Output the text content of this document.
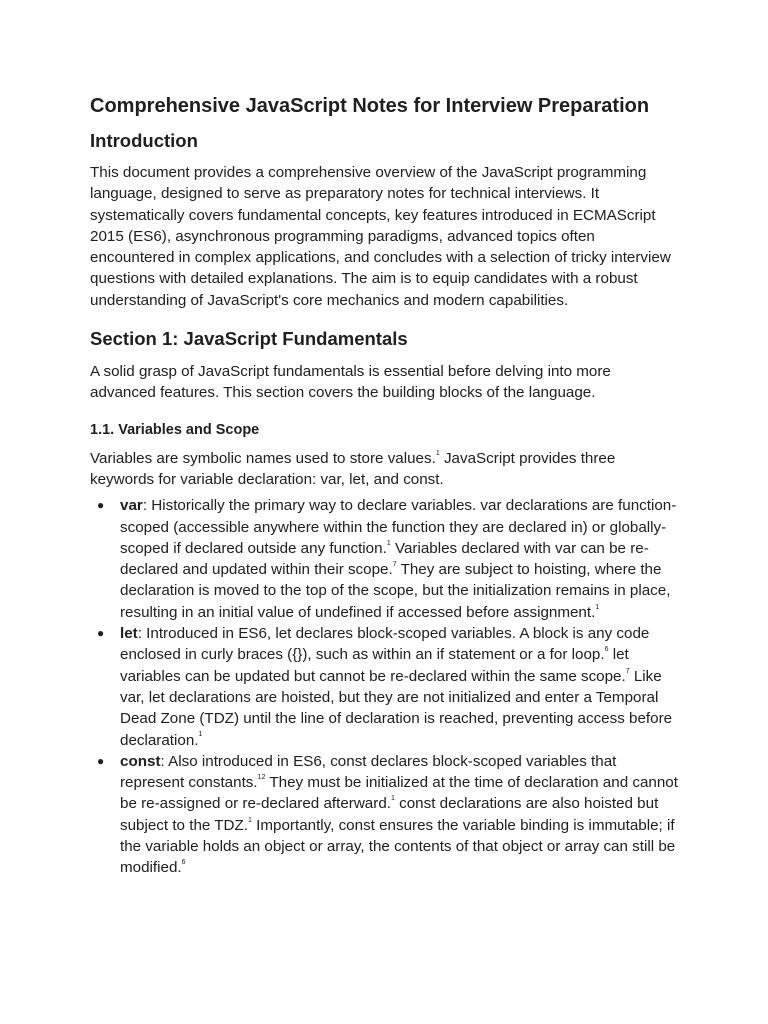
Comprehensive JavaScript Notes for Interview Preparation
Introduction

This document provides a comprehensive overview of the JavaScript programming language, designed to serve as preparatory notes for technical interviews. It systematically covers fundamental concepts, key features introduced in ECMAScript 2015 (ES6), asynchronous programming paradigms, advanced topics often encountered in complex applications, and concludes with a selection of tricky interview questions with detailed explanations. The aim is to equip candidates with a robust understanding of JavaScript's core mechanics and modern capabilities.

Section 1: JavaScript Fundamentals

A solid grasp of JavaScript fundamentals is essential before delving into more advanced features. This section covers the building blocks of the language.

1.1. Variables and Scope

Variables are symbolic names used to store values.$^1$ JavaScript provides three keywords for variable declaration: var, let, and const.

● var: Historically the primary way to declare variables. var declarations are function-scoped (accessible anywhere within the function they are declared in) or globally-scoped if declared outside any function.$^1$ Variables declared with var can be re-declared and updated within their scope.$^7$ They are subject to hoisting, where the declaration is moved to the top of the scope, but the initialization remains in place, resulting in an initial value of undefined if accessed before assignment.$^1$
● let: Introduced in ES6, let declares block-scoped variables. A block is any code enclosed in curly braces ({}), such as within an if statement or a for loop.$^6$ let variables can be updated but cannot be re-declared within the same scope.$^7$ Like var, let declarations are hoisted, but they are not initialized and enter a Temporal Dead Zone (TDZ) until the line of declaration is reached, preventing access before declaration.$^1$
● const: Also introduced in ES6, const declares block-scoped variables that represent constants.$^{12}$ They must be initialized at the time of declaration and cannot be re-assigned or re-declared afterward.$^1$ const declarations are also hoisted but subject to the TDZ.$^1$ Importantly, const ensures the variable binding is immutable; if the variable holds an object or array, the contents of that object or array can still be modified.$^6$
